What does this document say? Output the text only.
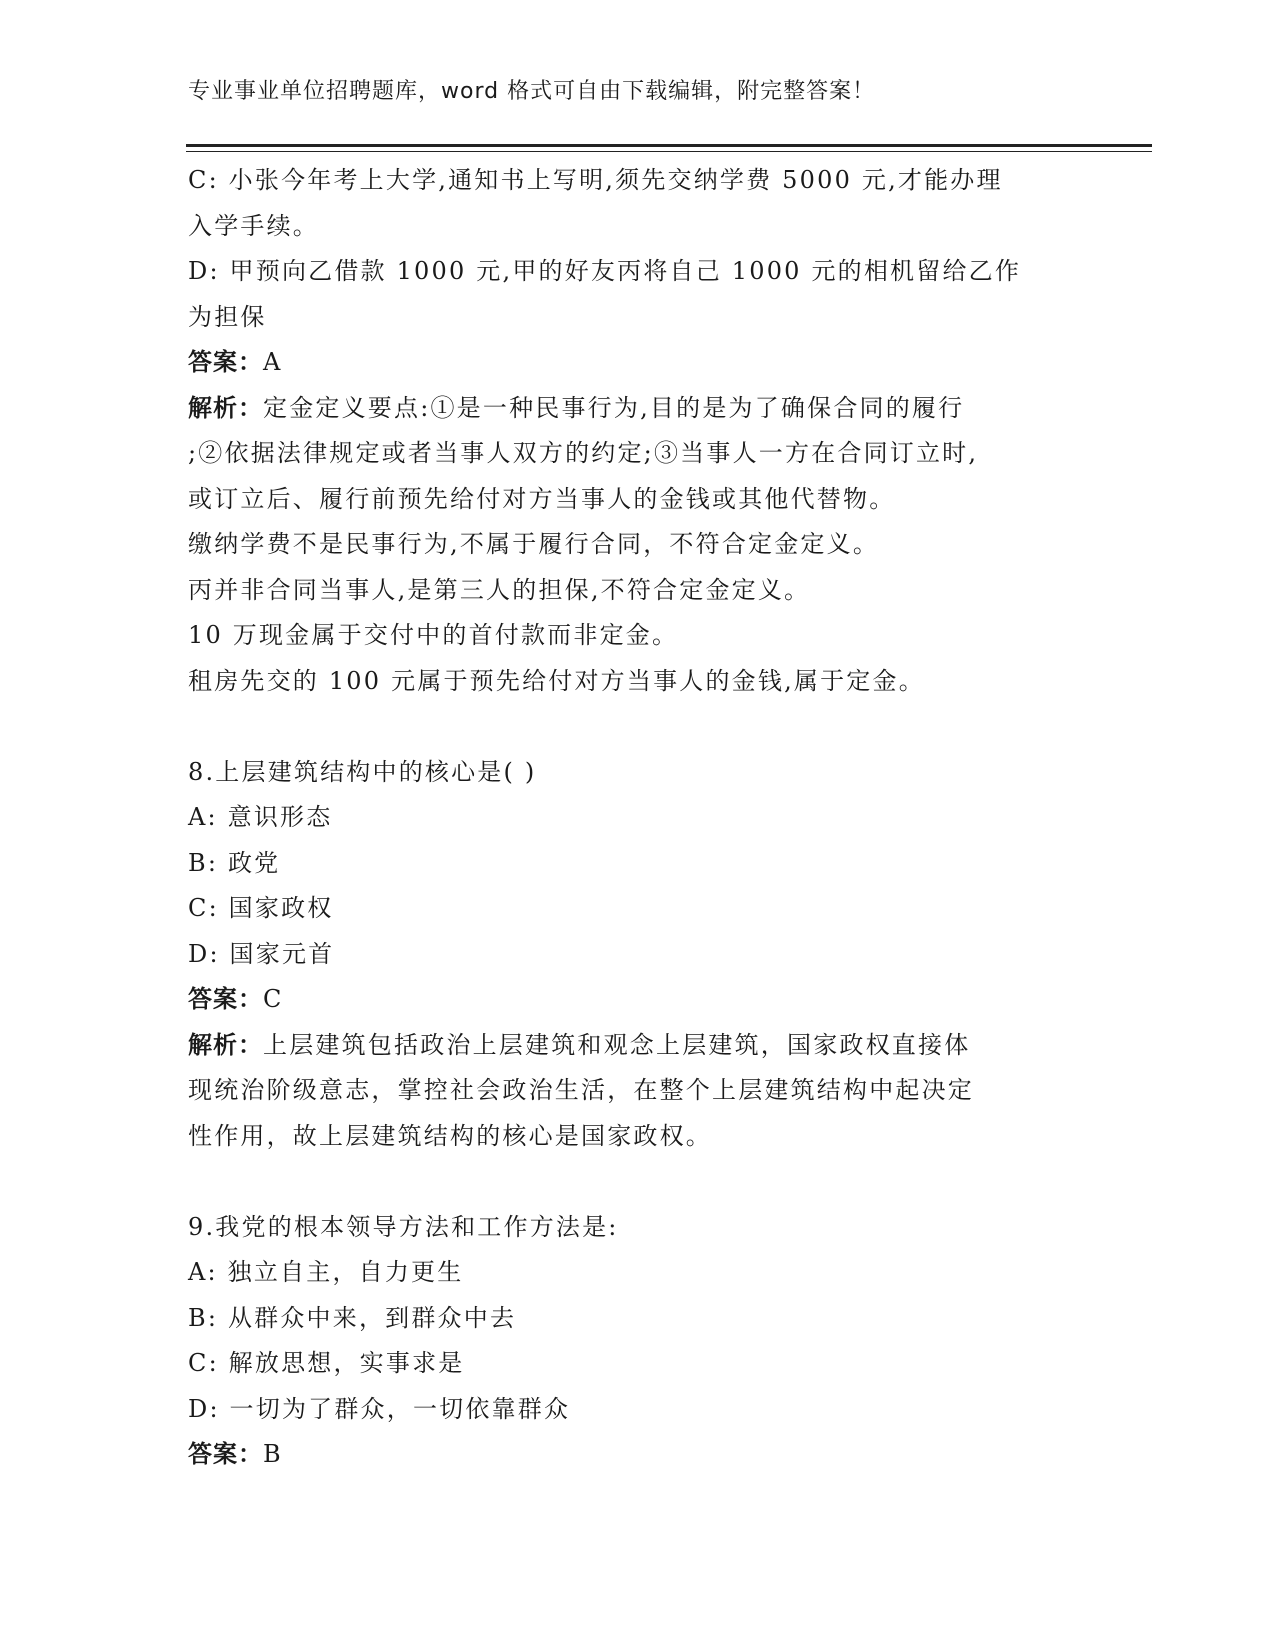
专业事业单位招聘题库，word 格式可自由下载编辑，附完整答案！
C: 小张今年考上大学,通知书上写明,须先交纳学费 5000 元,才能办理
入学手续。
D: 甲预向乙借款 1000 元,甲的好友丙将自己 1000 元的相机留给乙作
为担保
答案：A
解析：定金定义要点:①是一种民事行为,目的是为了确保合同的履行
;②依据法律规定或者当事人双方的约定;③当事人一方在合同订立时,
或订立后、履行前预先给付对方当事人的金钱或其他代替物。
缴纳学费不是民事行为,不属于履行合同，不符合定金定义。
丙并非合同当事人,是第三人的担保,不符合定金定义。
10 万现金属于交付中的首付款而非定金。
租房先交的 100 元属于预先给付对方当事人的金钱,属于定金。
8.上层建筑结构中的核心是( )
A: 意识形态
B: 政党
C: 国家政权
D: 国家元首
答案：C
解析：上层建筑包括政治上层建筑和观念上层建筑，国家政权直接体
现统治阶级意志，掌控社会政治生活，在整个上层建筑结构中起决定
性作用，故上层建筑结构的核心是国家政权。
9.我党的根本领导方法和工作方法是:
A: 独立自主，自力更生
B: 从群众中来，到群众中去
C: 解放思想，实事求是
D: 一切为了群众，一切依靠群众
答案：B
